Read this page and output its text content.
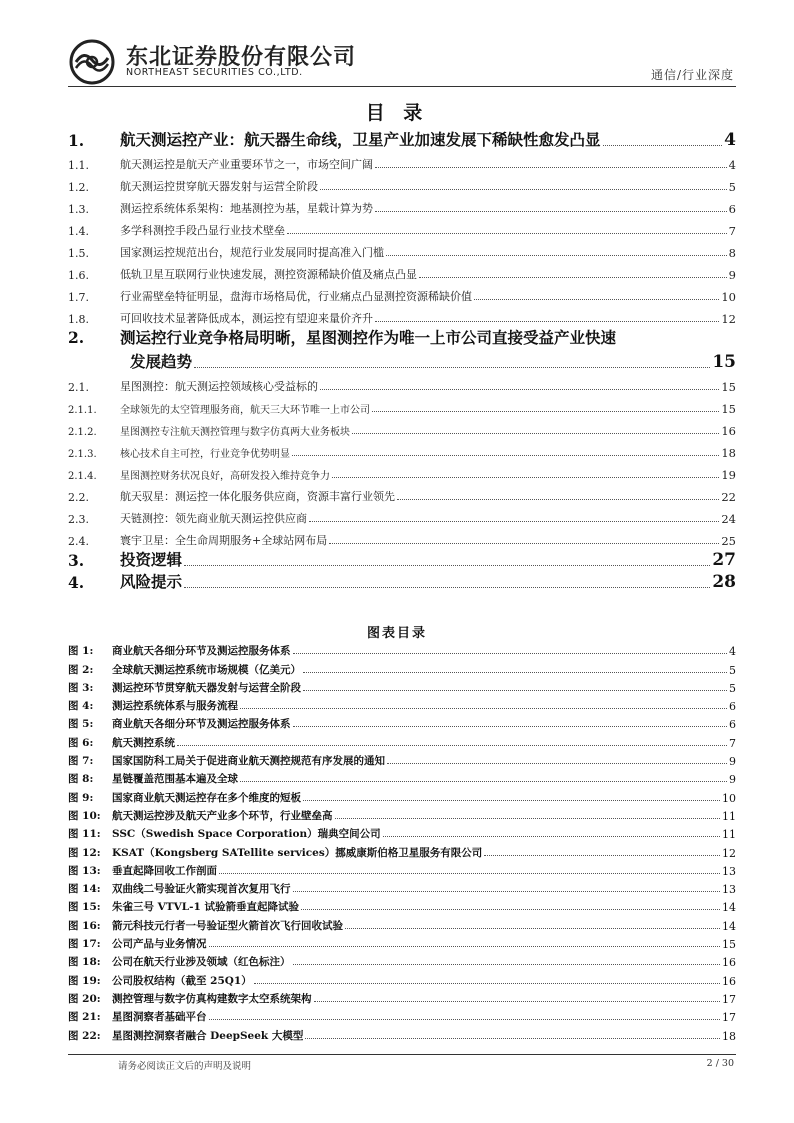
东北证券股份有限公司
NORTHEAST SECURITIES CO.,LTD.	通信/行业深度
目 录
1. 航天测运控产业：航天器生命线，卫星产业加速发展下稀缺性愈发凸显	4
1.1.	航天测运控是航天产业重要环节之一，市场空间广阔	4
1.2.	航天测运控贯穿航天器发射与运营全阶段	5
1.3.	测运控系统体系架构：地基测控为基，星载计算为势	6
1.4.	多学科测控手段凸显行业技术壁垒	7
1.5.	国家测运控规范出台，规范行业发展同时提高准入门槛	8
1.6.	低轨卫星互联网行业快速发展，测控资源稀缺价值及痛点凸显	9
1.7.	行业需壁垒特征明显，盘海市场格局优，行业痛点凸显测控资源稀缺价值	10
1.8.	可回收技术显著降低成本，测运控有望迎来量价齐升	12
2. 测运控行业竞争格局明晰，星图测控作为唯一上市公司直接受益产业快速
发展趋势	15
2.1.	星图测控：航天测运控领域核心受益标的	15
2.1.1. 全球领先的太空管理服务商，航天三大环节唯一上市公司	15
2.1.2. 星图测控专注航天测控管理与数字仿真两大业务板块	16
2.1.3. 核心技术自主可控，行业竞争优势明显	18
2.1.4. 星图测控财务状况良好，高研发投入维持竞争力	19
2.2.	航天驭星：测运控一体化服务供应商，资源丰富行业领先	22
2.3.	天链测控：领先商业航天测运控供应商	24
2.4.	寰宇卫星：全生命周期服务+全球站网布局	25
3. 投资逻辑	27
4. 风险提示	28
图表目录
图 1:	商业航天各细分环节及测运控服务体系	4
图 2:	全球航天测运控系统市场规模（亿美元）	5
图 3:	测运控环节贯穿航天器发射与运营全阶段	5
图 4:	测运控系统体系与服务流程	6
图 5:	商业航天各细分环节及测运控服务体系	6
图 6:	航天测控系统	7
图 7:	国家国防科工局关于促进商业航天测控规范有序发展的通知	9
图 8:	星链覆盖范围基本遍及全球	9
图 9:	国家商业航天测运控存在多个维度的短板	10
图 10:	航天测运控涉及航天产业多个环节，行业壁垒高	11
图 11:	SSC（Swedish Space Corporation）瑞典空间公司	11
图 12:	KSAT（Kongsberg SATellite services）挪威康斯伯格卫星服务有限公司	12
图 13:	垂直起降回收工作剖面	13
图 14:	双曲线二号验证火箭实现首次复用飞行	13
图 15:	朱雀三号 VTVL-1 试验箭垂直起降试验	14
图 16:	箭元科技元行者一号验证型火箭首次飞行回收试验	14
图 17:	公司产品与业务情况	15
图 18:	公司在航天行业涉及领域（红色标注）	16
图 19:	公司股权结构（截至 25Q1）	16
图 20:	测控管理与数字仿真构建数字太空系统架构	17
图 21:	星图洞察者基础平台	17
图 22:	星图测控洞察者融合 DeepSeek 大模型	18
请务必阅读正文后的声明及说明	2 / 30
